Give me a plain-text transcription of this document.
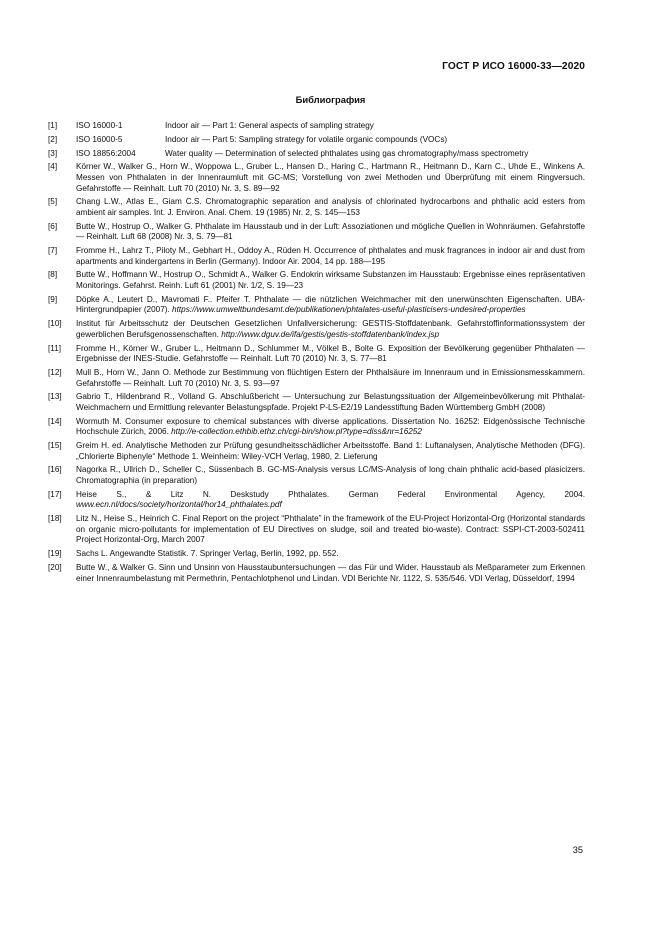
ГОСТ Р ИСО 16000-33—2020
Библиография
[1]	ISO 16000-1	Indoor air — Part 1: General aspects of sampling strategy
[2]	ISO 16000-5	Indoor air — Part 5: Sampling strategy for volatile organic compounds (VOCs)
[3]	ISO 18856:2004	Water quality — Determination of selected phthalates using gas chromatography/mass spectrometry
[4]	Körner W., Walker G., Horn W., Woppowa L., Gruber L., Hansen D., Haring C., Hartmann R., Heitmann D., Karn C., Uhde E., Winkens A. Messen von Phthalaten in der Innenraumluft mit GC-MS; Vorstellung von zwei Methoden und Überprüfung mit einem Ringversuch. Gefahrstoffe — Reinhalt. Luft 70 (2010) Nr. 3, S. 89—92
[5]	Chang L.W., Atlas E., Giam C.S. Chromatographic separation and analysis of chlorinated hydrocarbons and phthalic acid esters from ambient air samples. Int. J. Environ. Anal. Chem. 19 (1985) Nr. 2, S. 145—153
[6]	Butte W., Hostrup O., Walker G. Phthalate im Hausstaub und in der Luft: Assoziationen und mögliche Quellen in Wohnräumen. Gefahrstoffe — Reinhalt. Luft 68 (2008) Nr. 3, S. 79—81
[7]	Fromme H., Lahrz T., Piloty M., Gebhart H., Oddoy A., Rüden H. Occurrence of phthalates and musk fragrances in indoor air and dust from apartments and kindergartens in Berlin (Germany). Indoor Air. 2004, 14 pp. 188—195
[8]	Butte W., Hoffmann W., Hostrup O., Schmidt A., Walker G. Endokrin wirksame Substanzen im Hausstaub: Ergebnisse eines repräsentativen Monitorings. Gefahrst. Reinh. Luft 61 (2001) Nr. 1/2, S. 19—23
[9]	Döpke A., Leutert D., Mavromati F.. Pfeifer T. Phthalate — die nützlichen Weichmacher mit den unerwünschten Eigenschaften. UBA-Hintergrundpapier (2007). https://www.umweltbundesamt.de/publikationen/phtalates-useful-plasticisers-undesired-properties
[10]	Institut für Arbeitsschutz der Deutschen Gesetzlichen Unfallversicherung: GESTIS-Stoffdatenbank. Gefahrstoffinformationssystem der gewerblichen Berufsgenossenschaften. http://www.dguv.de/ifa/gestis/gestis-stoffdatenbank/index.jsp
[11]	Fromme H., Körner W., Gruber L., Heitmann D., Schlummer M., Völkel B., Bolte G. Exposition der Bevölkerung gegenüber Phthalaten — Ergebnisse der INES-Studie. Gefahrstoffe — Reinhalt. Luft 70 (2010) Nr. 3, S. 77—81
[12]	Mull B., Horn W., Jann O. Methode zur Bestimmung von flüchtigen Estern der Phthalsäure im Innenraum und in Emissionsmesskammern. Gefahrstoffe — Reinhalt. Luft 70 (2010) Nr. 3, S. 93—97
[13]	Gabrio T., Hildenbrand R., Volland G. Abschlußbericht — Untersuchung zur Belastungssituation der Allgemeinbevölkerung mit Phthalat-Weichmachern und Ermittlung relevanter Belastungspfade. Projekt P-LS-E2/19 Landesstiftung Baden Württemberg GmbH (2008)
[14]	Wormuth M. Consumer exposure to chemical substances with diverse applications. Dissertation No. 16252: Eidgenössische Technische Hochschule Zürich, 2006. http://e-collection.ethbib.ethz.ch/cgi-bin/show.pl?type=diss&nr=16252
[15]	Greim H. ed. Analytische Methoden zur Prüfung gesundheitsschädlicher Arbeitsstoffe. Band 1: Luftanalysen, Analytische Methoden (DFG). „Chlorierte Biphenyle“ Methode 1. Weinheim: Wiley-VCH Verlag, 1980, 2. Lieferung
[16]	Nagorka R., Ullrich D., Scheller C., Süssenbach B. GC-MS-Analysis versus LC/MS-Analysis of long chain phthalic acid-based plasicizers. Chromatographia (in preparation)
[17]	Heise S., & Litz N. Deskstudy Phthalates. German Federal Environmental Agency, 2004. www.ecn.nl/docs/society/horizontal/hor14_phthalates.pdf
[18]	Litz N., Heise S., Heinrich C. Final Report on the project “Phthalate” in the framework of the EU-Project Horizontal-Org (Horizontal standards on organic micro-pollutants for implementation of EU Directives on sludge, soil and treated bio-waste). Contract: SSPI-CT-2003-502411 Project Horizontal-Org, March 2007
[19]	Sachs L. Angewandte Statistik. 7. Springer Verlag, Berlin, 1992, pp. 552.
[20]	Butte W., & Walker G. Sinn und Unsinn von Hausstaubuntersuchungen — das Für und Wider. Hausstaub als Meßparameter zum Erkennen einer Innenraumbelastung mit Permethrin, Pentachlotphenol und Lindan. VDI Berichte Nr. 1122, S. 535/546. VDI Verlag, Düsseldorf, 1994
35
